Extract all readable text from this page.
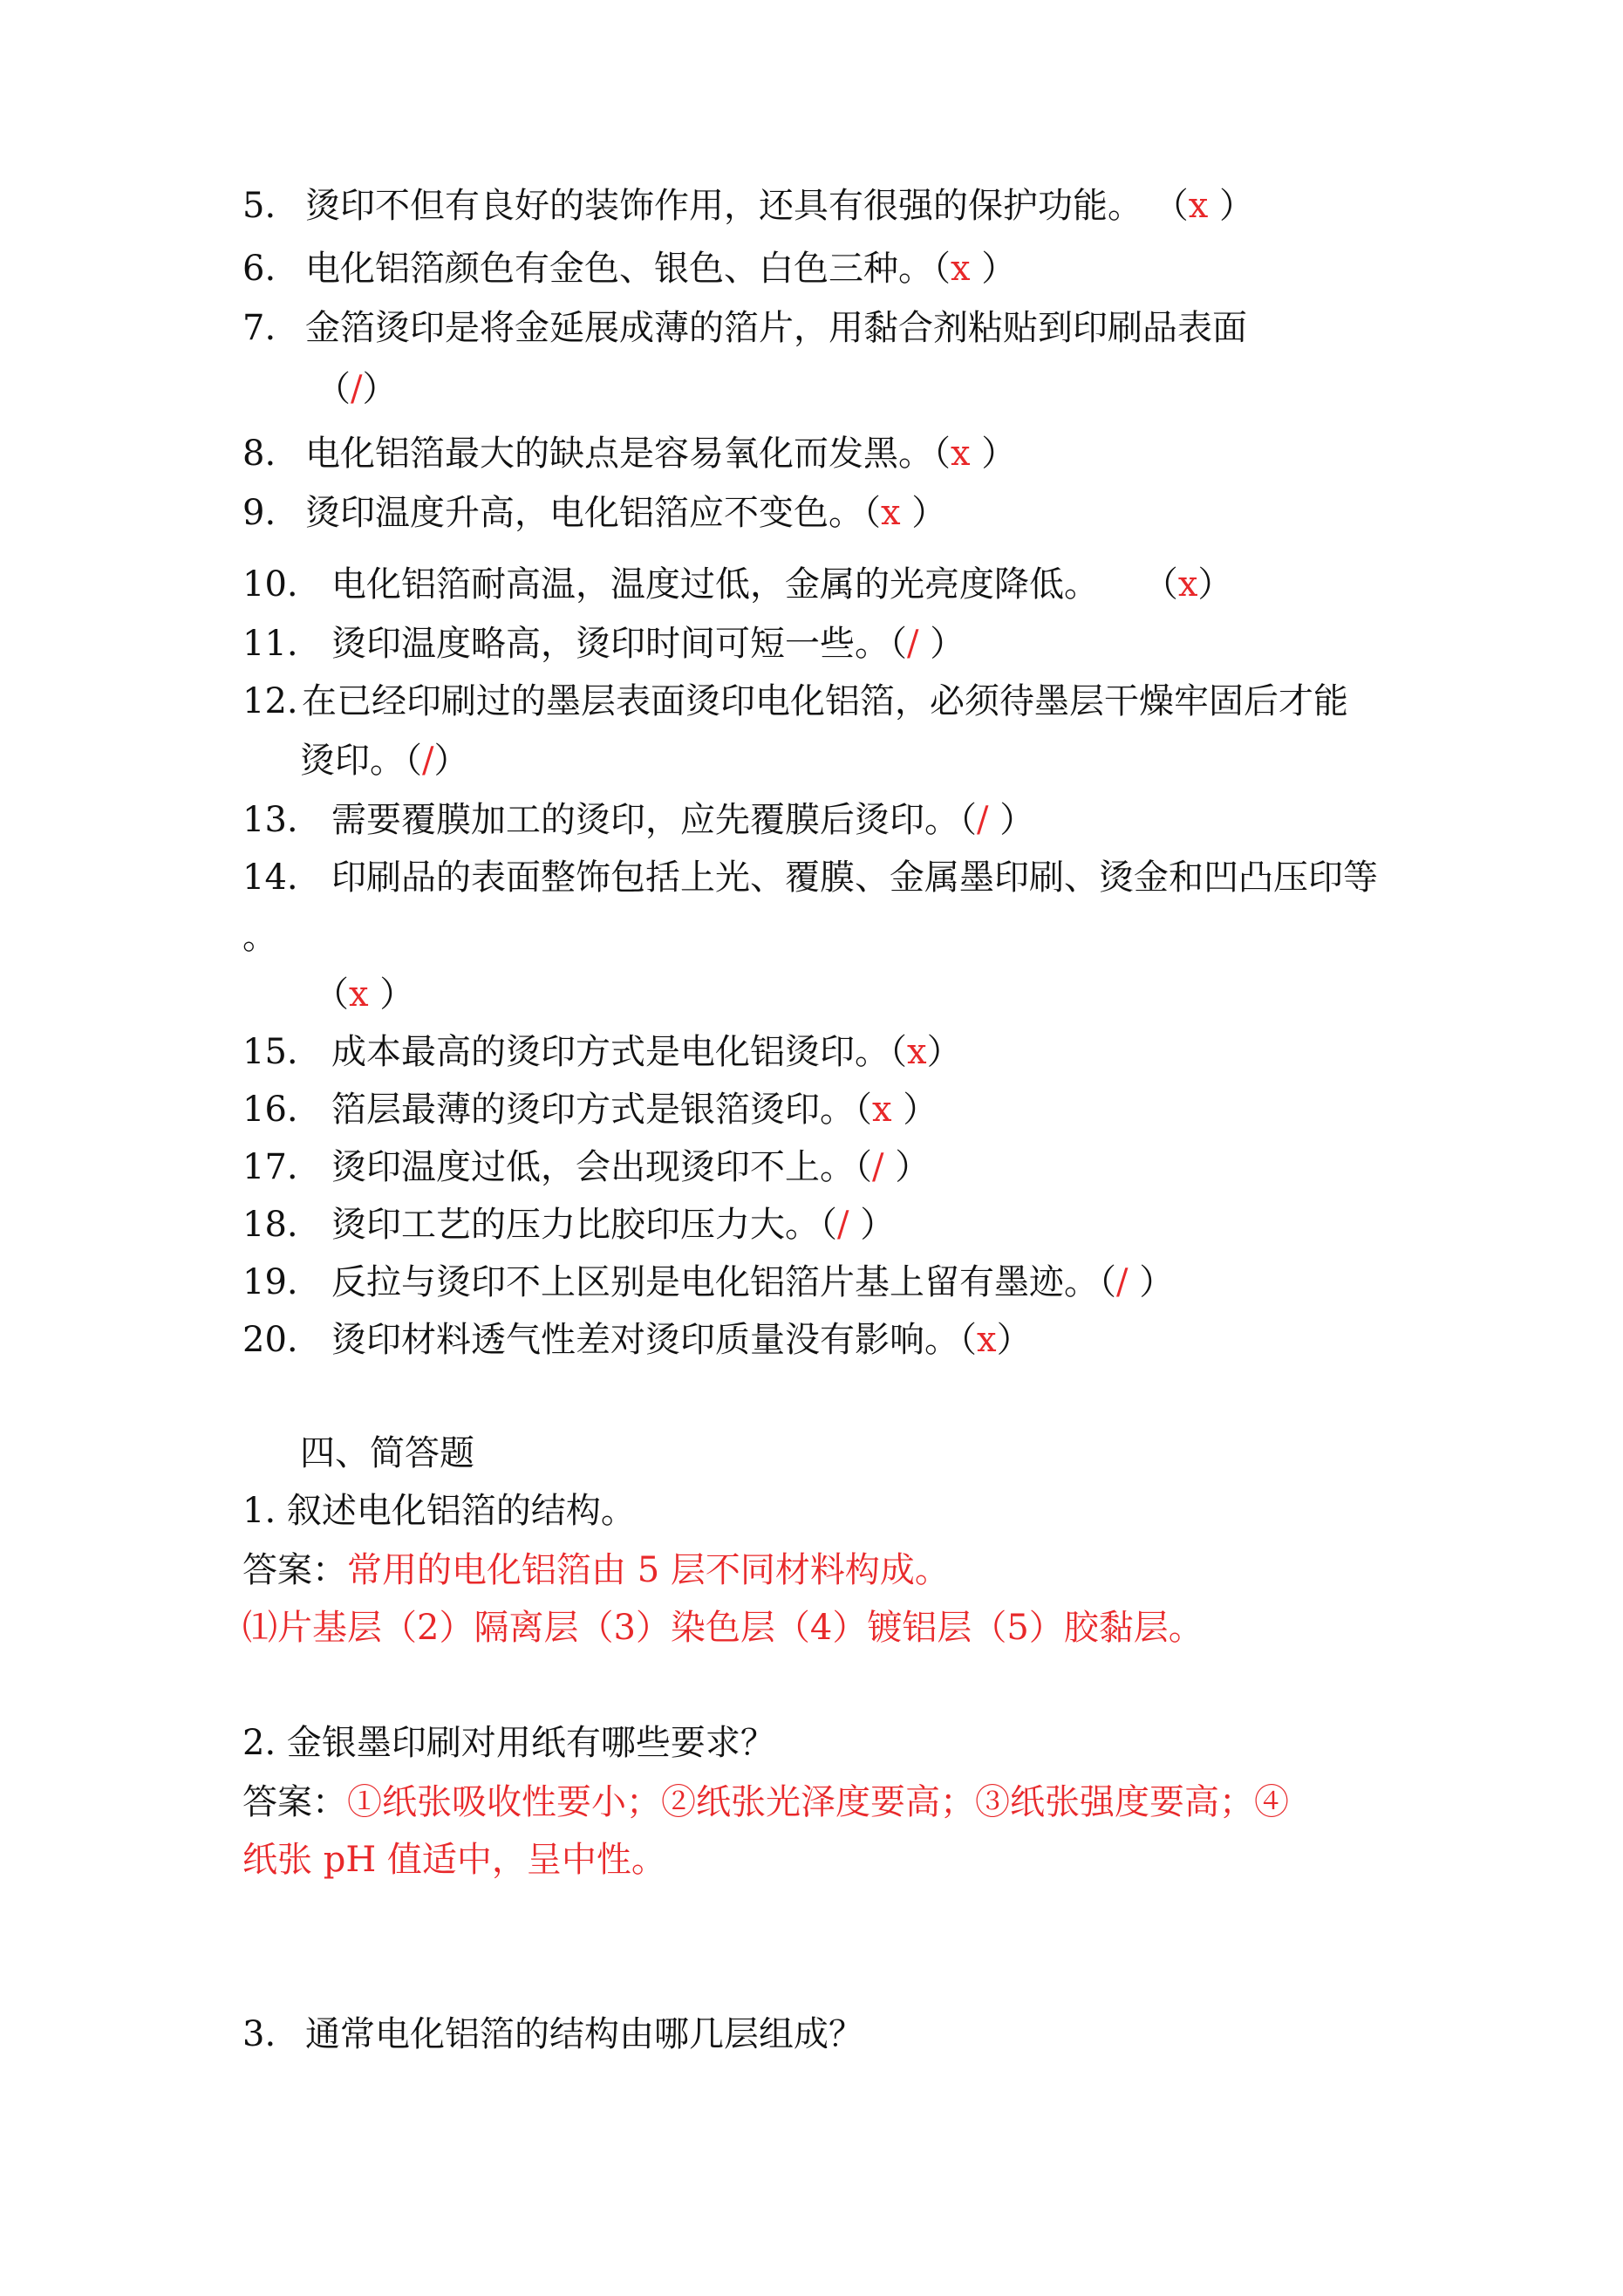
5. 烫印不但有良好的装饰作用，还具有很强的保护功能。 （x ）
6. 电化铝箔颜色有金色、银色、白色三种。（x ）
7. 金箔烫印是将金延展成薄的箔片，用黏合剂粘贴到印刷品表面
（/）
8. 电化铝箔最大的缺点是容易氧化而发黑。（x ）
9. 烫印温度升高，电化铝箔应不变色。（x ）
10. 电化铝箔耐高温，温度过低，金属的光亮度降低。 （x）
11. 烫印温度略高，烫印时间可短一些。（/ ）
12. 在已经印刷过的墨层表面烫印电化铝箔，必须待墨层干燥牢固后才能
烫印。（/）
13. 需要覆膜加工的烫印，应先覆膜后烫印。（/ ）
14. 印刷品的表面整饰包括上光、覆膜、金属墨印刷、烫金和凹凸压印等
。
（x ）
15. 成本最高的烫印方式是电化铝烫印。（x）
16. 箔层最薄的烫印方式是银箔烫印。（x ）
17. 烫印温度过低，会出现烫印不上。（/ ）
18. 烫印工艺的压力比胶印压力大。（/ ）
19. 反拉与烫印不上区别是电化铝箔片基上留有墨迹。（/ ）
20. 烫印材料透气性差对烫印质量没有影响。（x）
四、简答题
1. 叙述电化铝箔的结构。
答案：常用的电化铝箔由 5 层不同材料构成。
⑴片基层（2）隔离层（3）染色层（4）镀铝层（5）胶黏层。
2. 金银墨印刷对用纸有哪些要求？
答案：①纸张吸收性要小；②纸张光泽度要高；③纸张强度要高；④
纸张 pH 值适中，呈中性。
3. 通常电化铝箔的结构由哪几层组成？
